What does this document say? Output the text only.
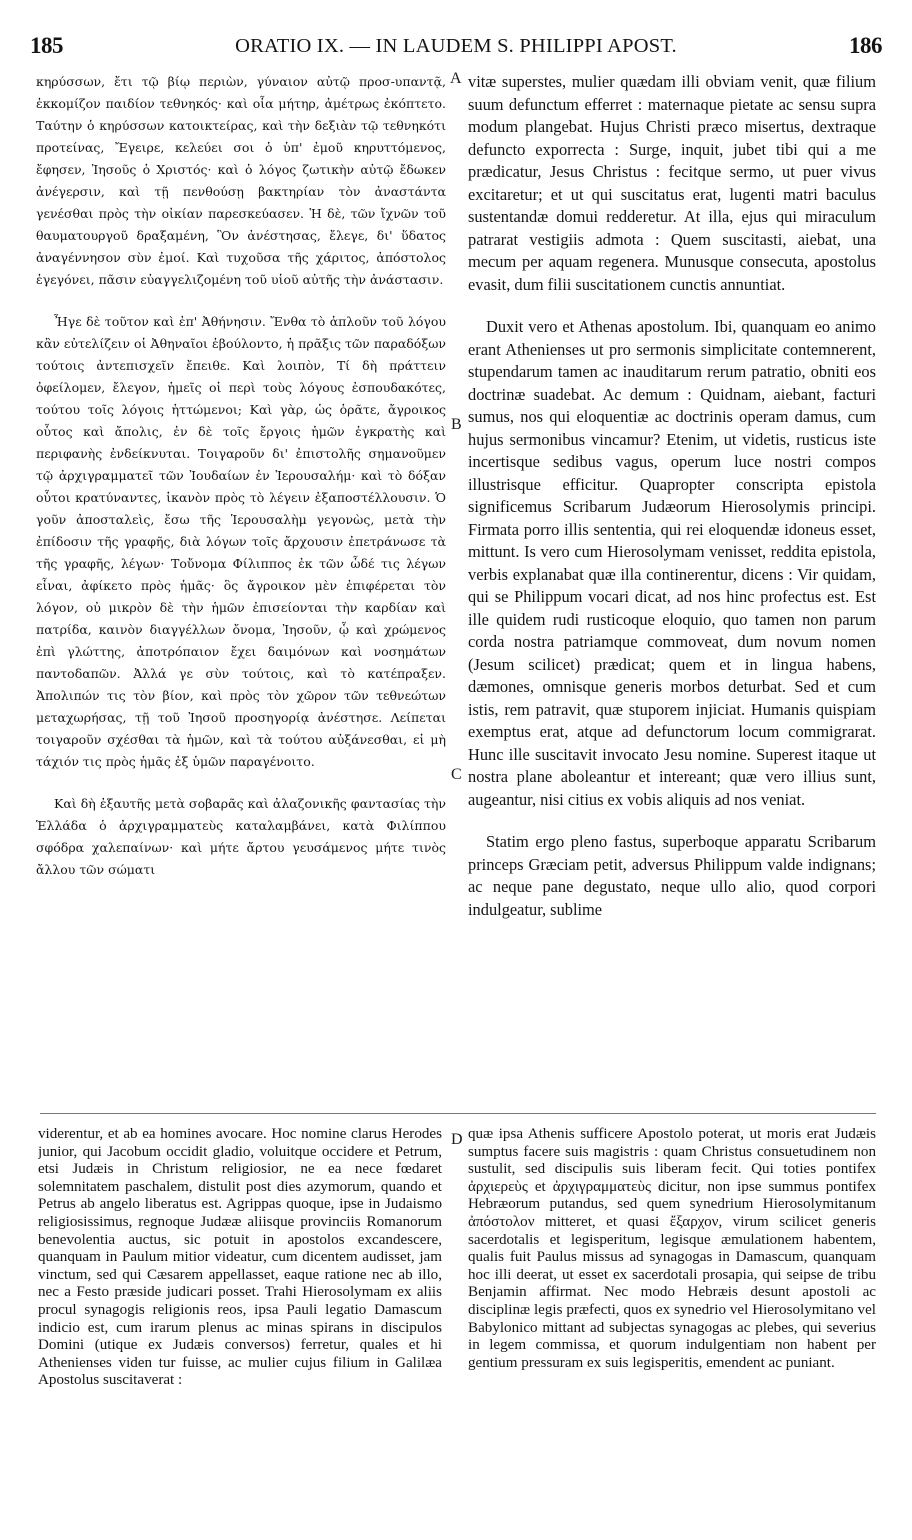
185	ORATIO IX. — IN LAUDEM S. PHILIPPI APOST.	186

κηρύσσων, ἔτι τῷ βίῳ περιὼν, γύναιον αὐτῷ προσ-υπαντᾷ, ἐκκομίζον παιδίον τεθνηκός· καὶ οἷα μήτηρ, ἀμέτρως ἐκόπτετο. Ταύτην ὁ κηρύσσων κατοικτείρας, καὶ τὴν δεξιὰν τῷ τεθνηκότι προτείνας, Ἔγειρε, κελεύει σοι ὁ ὑπ' ἐμοῦ κηρυττόμενος, ἔφησεν, Ἰησοῦς ὁ Χριστός· καὶ ὁ λόγος ζωτικὴν αὐτῷ ἔδωκεν ἀνέγερσιν, καὶ τῇ πενθούσῃ βακτηρίαν τὸν ἀναστάντα γενέσθαι πρὸς τὴν οἰκίαν παρεσκεύασεν. Ἡ δὲ, τῶν ἴχνῶν τοῦ θαυματουργοῦ δραξαμένη, Ὃν ἀνέστησας, ἔλεγε, δι' ὕδατος ἀναγέννησον σὺν ἐμοί. Καὶ τυχοῦσα τῆς χάριτος, ἀπόστολος ἐγεγόνει, πᾶσιν εὐαγγελιζομένη τοῦ υἱοῦ αὐτῆς τὴν ἀνάστασιν.

Ἦγε δὲ τοῦτον καὶ ἐπ' Ἀθήνησιν. Ἔνθα τὸ ἁπλοῦν τοῦ λόγου κἂν εὐτελίζειν οἱ Ἀθηναῖοι ἐβούλοντο, ἡ πρᾶξις τῶν παραδόξων τούτοις ἀντεπισχεῖν ἔπειθε. Καὶ λοιπὸν, Τί δὴ πράττειν ὀφείλομεν, ἔλεγον, ἡμεῖς οἱ περὶ τοὺς λόγους ἐσπουδακότες, τούτου τοῖς λόγοις ἡττώμενοι; Καὶ γὰρ, ὡς ὁρᾶτε, ἄγροικος οὗτος καὶ ἄπολις, ἐν δὲ τοῖς ἔργοις ἡμῶν ἐγκρατὴς καὶ περιφανὴς ἐνδείκνυται. Τοιγαροῦν δι' ἐπιστολῆς σημανοῦμεν τῷ ἀρχιγραμματεῖ τῶν Ἰουδαίων ἐν Ἱερουσαλήμ· καὶ τὸ δόξαν οὗτοι κρατύναντες, ἱκανὸν πρὸς τὸ λέγειν ἐξαποστέλλουσιν. Ὁ γοῦν ἀποσταλεὶς, ἔσω τῆς Ἱερουσαλὴμ γεγονὼς, μετὰ τὴν ἐπίδοσιν τῆς γραφῆς, διὰ λόγων τοῖς ἄρχουσιν ἐπετράνωσε τὰ τῆς γραφῆς, λέγων· Τοὔνομα Φίλιππος ἐκ τῶν ὧδέ τις λέγων εἶναι, ἀφίκετο πρὸς ἡμᾶς· ὃς ἄγροικον μὲν ἐπιφέρεται τὸν λόγον, οὐ μικρὸν δὲ τὴν ἡμῶν ἐπισείονται τὴν καρδίαν καὶ πατρίδα, καινὸν διαγγέλλων ὄνομα, Ἰησοῦν, ᾧ καὶ χρώμενος ἐπὶ γλώττης, ἀποτρόπαιον ἔχει δαιμόνων καὶ νοσημάτων παντοδαπῶν. Ἀλλά γε σὺν τούτοις, καὶ τὸ κατέπραξεν. Ἀπολιπών τις τὸν βίον, καὶ πρὸς τὸν χῶρον τῶν τεθνεώτων μεταχωρήσας, τῇ τοῦ Ἰησοῦ προσηγορίᾳ ἀνέστησε. Λείπεται τοιγαροῦν σχέσθαι τὰ ἡμῶν, καὶ τὰ τούτου αὐξάνεσθαι, εἰ μὴ τάχιόν τις πρὸς ἡμᾶς ἐξ ὑμῶν παραγένοιτο.

Καὶ δὴ ἐξαυτῆς μετὰ σοβαρᾶς καὶ ἀλαζονικῆς φαντασίας τὴν Ἑλλάδα ὁ ἀρχιγραμματεὺς καταλαμβάνει, κατὰ Φιλίππου σφόδρα χαλεπαίνων· καὶ μήτε ἄρτου γευσάμενος μήτε τινὸς ἄλλου τῶν σώματι

A
B
C
D

vitæ superstes, mulier quædam illi obviam venit, quæ filium suum defunctum efferret : maternaque pietate ac sensu supra modum plangebat. Hujus Christi præco misertus, dextraque defuncto exporrecta : Surge, inquit, jubet tibi qui a me prædicatur, Jesus Christus : fecitque sermo, ut puer vivus excitaretur; et ut qui suscitatus erat, lugenti matri baculus sustentandæ domui redderetur. At illa, ejus qui miraculum patrarat vestigiis admota : Quem suscitasti, aiebat, una mecum per aquam regenera. Munusque consecuta, apostolus evasit, dum filii suscitationem cunctis annuntiat.

Duxit vero et Athenas apostolum. Ibi, quanquam eo animo erant Athenienses ut pro sermonis simplicitate contemnerent, stupendarum tamen ac inauditarum rerum patratio, obniti eos doctrinæ suadebat. Ac demum : Quidnam, aiebant, facturi sumus, nos qui eloquentiæ ac doctrinis operam damus, cum hujus sermonibus vincamur? Etenim, ut videtis, rusticus iste incertisque sedibus vagus, operum luce nostri compos illustrisque efficitur. Quapropter conscripta epistola significemus Scribarum Judæorum Hierosolymis principi. Firmata porro illis sententia, qui rei eloquendæ idoneus esset, mittunt. Is vero cum Hierosolymam venisset, reddita epistola, verbis explanabat quæ illa continerentur, dicens : Vir quidam, qui se Philippum vocari dicat, ad nos hinc profectus est. Est ille quidem rudi rusticoque eloquio, quo tamen non parum corda nostra patriamque commoveat, dum novum nomen (Jesum scilicet) prædicat; quem et in lingua habens, dæmones, omnisque generis morbos deturbat. Sed et cum istis, rem patravit, quæ stuporem injiciat. Humanis quispiam exemptus erat, atque ad defunctorum locum commigrarat. Hunc ille suscitavit invocato Jesu nomine. Superest itaque ut nostra plane aboleantur et intereant; quæ vero illius sunt, augeantur, nisi citius ex vobis aliquis ad nos veniat.

Statim ergo pleno fastus, superboque apparatu Scribarum princeps Græciam petit, adversus Philippum valde indignans; ac neque pane degustato, neque ullo alio, quod corpori indulgeatur, sublime

viderentur, et ab ea homines avocare. Hoc nomine clarus Herodes junior, qui Jacobum occidit gladio, voluitque occidere et Petrum, etsi Judæis in Christum religiosior, ne ea nece fœdaret solemnitatem paschalem, distulit post dies azymorum, quando et Petrus ab angelo liberatus est. Agrippas quoque, ipse in Judaismo religiosissimus, regnoque Judææ aliisque provinciis Romanorum benevolentia auctus, sic potuit in apostolos excandescere, quanquam in Paulum mitior videatur, cum dicentem audisset, jam vinctum, sed qui Cæsarem appellasset, eaque ratione nec ab illo, nec a Festo præside judicari posset. Trahi Hierosolymam ex aliis procul synagogis religionis reos, ipsa Pauli legatio Damascum indicio est, cum irarum plenus ac minas spirans in discipulos Domini (utique ex Judæis conversos) ferretur, quales et hi Athenienses viden tur fuisse, ac mulier cujus filium in Galilæa Apostolus suscitaverat :

quæ ipsa Athenis sufficere Apostolo poterat, ut moris erat Judæis sumptus facere suis magistris : quam Christus consuetudinem non sustulit, sed discipulis suis liberam fecit. Qui toties pontifex ἀρχιερεὺς et ἀρχιγραμματεὺς dicitur, non ipse summus pontifex Hebræorum putandus, sed quem synedrium Hierosolymitanum ἀπόστολον mitteret, et quasi ἔξαρχον, virum scilicet generis sacerdotalis et legisperitum, legisque æmulationem habentem, qualis fuit Paulus missus ad synagogas in Damascum, quanquam hoc illi deerat, ut esset ex sacerdotali prosapia, qui seipse de tribu Benjamin affirmat. Nec modo Hebræis desunt apostoli ac disciplinæ legis præfecti, quos ex synedrio vel Hierosolymitano vel Babylonico mittant ad subjectas synagogas ac plebes, qui severius in legem commissa, et quorum indulgentiam non habent per gentium pressuram ex suis legisperitis, emendent ac puniant.
